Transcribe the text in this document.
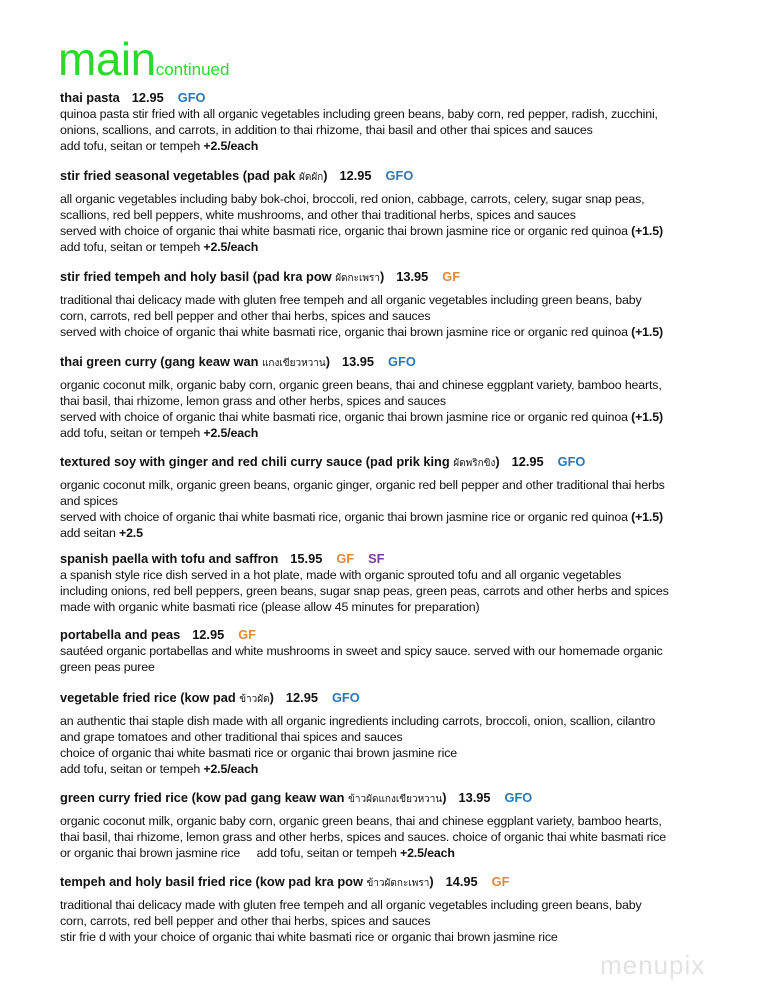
maincontinued
thai pasta 12.95 GFO
quinoa pasta stir fried with all organic vegetables including green beans, baby corn, red pepper, radish, zucchini,
onions, scallions, and carrots, in addition to thai rhizome, thai basil and other thai spices and sauces
add tofu, seitan or tempeh +2.5/each
stir fried seasonal vegetables (pad pak ผัดผัก) 12.95 GFO
all organic vegetables including baby bok-choi, broccoli, red onion, cabbage, carrots, celery, sugar snap peas,
scallions, red bell peppers, white mushrooms, and other thai traditional herbs, spices and sauces
served with choice of organic thai white basmati rice, organic thai brown jasmine rice or organic red quinoa (+1.5)
add tofu, seitan or tempeh +2.5/each
stir fried tempeh and holy basil (pad kra pow ผัดกะเพรา) 13.95 GF
traditional thai delicacy made with gluten free tempeh and all organic vegetables including green beans, baby
corn, carrots, red bell pepper and other thai herbs, spices and sauces
served with choice of organic thai white basmati rice, organic thai brown jasmine rice or organic red quinoa (+1.5)
thai green curry (gang keaw wan แกงเขียวหวาน) 13.95 GFO
organic coconut milk, organic baby corn, organic green beans, thai and chinese eggplant variety, bamboo hearts,
thai basil, thai rhizome, lemon grass and other herbs, spices and sauces
served with choice of organic thai white basmati rice, organic thai brown jasmine rice or organic red quinoa (+1.5)
add tofu, seitan or tempeh +2.5/each
textured soy with ginger and red chili curry sauce (pad prik king ผัดพริกขิง) 12.95 GFO
organic coconut milk, organic green beans, organic ginger, organic red bell pepper and other traditional thai herbs
and spices
served with choice of organic thai white basmati rice, organic thai brown jasmine rice or organic red quinoa (+1.5)
add seitan +2.5
spanish paella with tofu and saffron 15.95 GF SF
a spanish style rice dish served in a hot plate, made with organic sprouted tofu and all organic vegetables
including onions, red bell peppers, green beans, sugar snap peas, green peas, carrots and other herbs and spices
made with organic white basmati rice (please allow 45 minutes for preparation)
portabella and peas 12.95 GF
sautéed organic portabellas and white mushrooms in sweet and spicy sauce. served with our homemade organic
green peas puree
vegetable fried rice (kow pad ข้าวผัด) 12.95 GFO
an authentic thai staple dish made with all organic ingredients including carrots, broccoli, onion, scallion, cilantro
and grape tomatoes and other traditional thai spices and sauces
choice of organic thai white basmati rice or organic thai brown jasmine rice
add tofu, seitan or tempeh +2.5/each
green curry fried rice (kow pad gang keaw wan ข้าวผัดแกงเขียวหวาน) 13.95 GFO
organic coconut milk, organic baby corn, organic green beans, thai and chinese eggplant variety, bamboo hearts,
thai basil, thai rhizome, lemon grass and other herbs, spices and sauces. choice of organic thai white basmati rice
or organic thai brown jasmine rice     add tofu, seitan or tempeh +2.5/each
tempeh and holy basil fried rice (kow pad kra pow ข้าวผัดกะเพรา) 14.95 GF
traditional thai delicacy made with gluten free tempeh and all organic vegetables including green beans, baby
corn, carrots, red bell pepper and other thai herbs, spices and sauces
stir frie d with your choice of organic thai white basmati rice or organic thai brown jasmine rice
menupix
